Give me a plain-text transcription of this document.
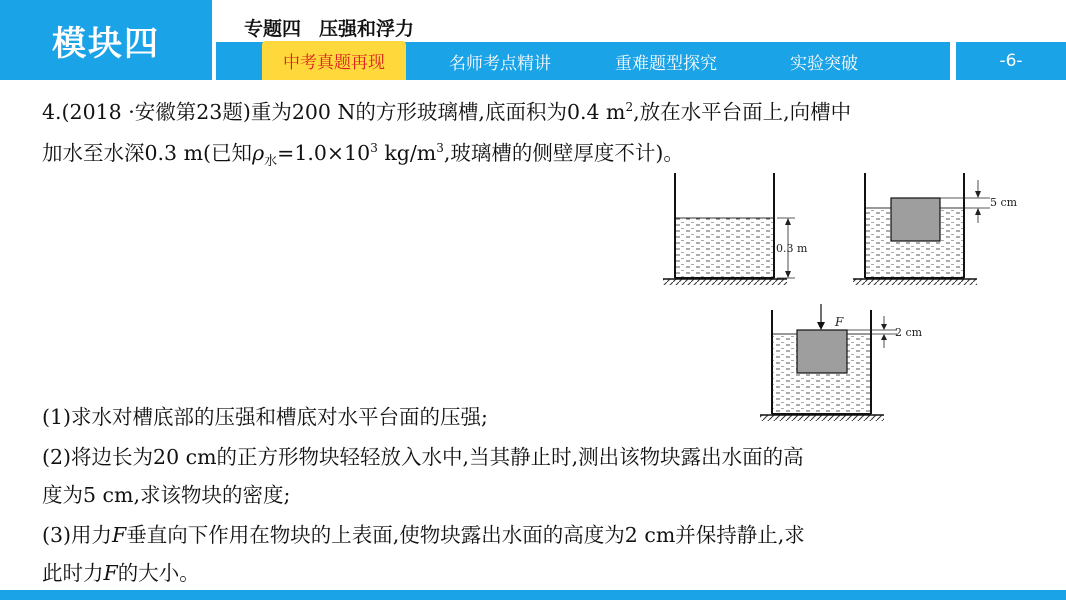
模块四	专题四 压强和浮力
中考真题再现	名师考点精讲	重难题型探究	实验突破	-6-

4.(2018 ·安徽第23题)重为200 N的方形玻璃槽,底面积为0.4 $m^2$,放在水平台面上,向槽中

加水至水深0.3 m(已知$\rho_水=1.0\times 10^3$ $kg/m^3$,玻璃槽的侧壁厚度不计)。

(1)求水对槽底部的压强和槽底对水平台面的压强;

(2)将边长为20 cm的正方形物块轻轻放入水中,当其静止时,测出该物块露出水面的高

度为5 cm,求该物块的密度;

(3)用力F垂直向下作用在物块的上表面,使物块露出水面的高度为2 cm并保持静止,求

此时力F的大小。

0.3 m
5 cm
F
2 cm
